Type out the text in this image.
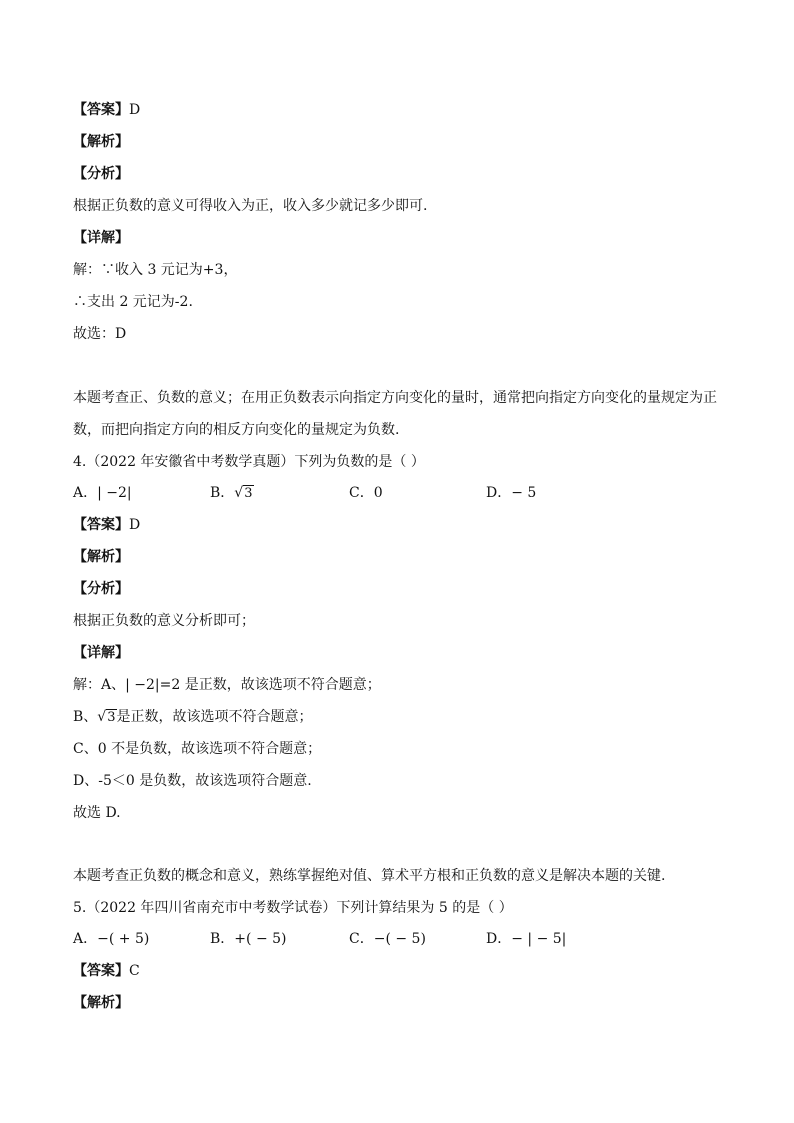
【答案】D
【解析】
【分析】
根据正负数的意义可得收入为正，收入多少就记多少即可.
【详解】
解：∵收入 3 元记为+3，
∴支出 2 元记为-2.
故选：D
本题考查正、负数的意义；在用正负数表示向指定方向变化的量时，通常把向指定方向变化的量规定为正
数，而把向指定方向的相反方向变化的量规定为负数.
4.（2022 年安徽省中考数学真题）下列为负数的是（ ）
A．| −2|	B．√3	C．0	D．− 5
【答案】D
【解析】
【分析】
根据正负数的意义分析即可；
【详解】
解：A、| −2|=2 是正数，故该选项不符合题意；
B、√3是正数，故该选项不符合题意；
C、0 不是负数，故该选项不符合题意；
D、-5＜0 是负数，故该选项符合题意.
故选 D.
本题考查正负数的概念和意义，熟练掌握绝对值、算术平方根和正负数的意义是解决本题的关键.
5.（2022 年四川省南充市中考数学试卷）下列计算结果为 5 的是（ ）
A．−( + 5)	B．+( − 5)	C．−( − 5)	D．− | − 5|
【答案】C
【解析】
